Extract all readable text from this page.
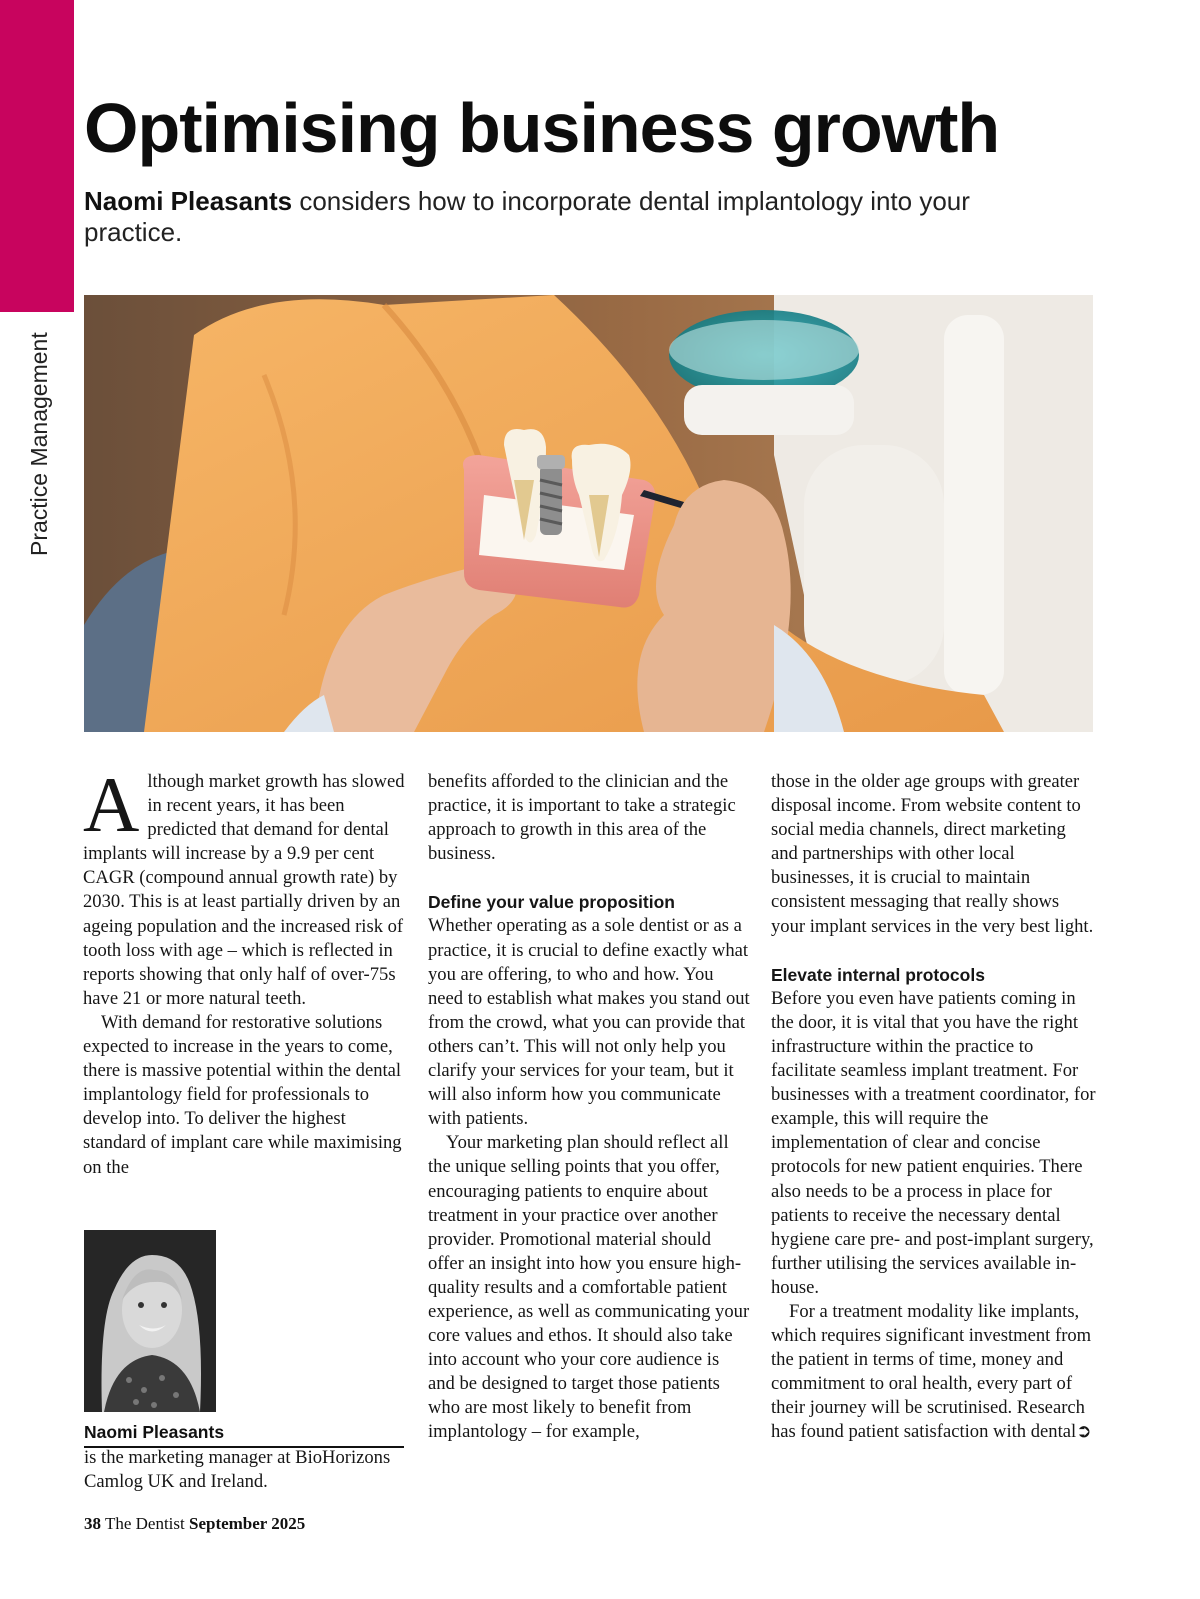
Practice Management
Optimising business growth

Naomi Pleasants considers how to incorporate dental implantology into your practice.

Although market growth has slowed in recent years, it has been predicted that demand for dental implants will increase by a 9.9 per cent CAGR (compound annual growth rate) by 2030. This is at least partially driven by an ageing population and the increased risk of tooth loss with age – which is reflected in reports showing that only half of over-75s have 21 or more natural teeth.

With demand for restorative solutions expected to increase in the years to come, there is massive potential within the dental implantology field for professionals to develop into. To deliver the highest standard of implant care while maximising on the

benefits afforded to the clinician and the practice, it is important to take a strategic approach to growth in this area of the business.

Define your value proposition

Whether operating as a sole dentist or as a practice, it is crucial to define exactly what you are offering, to who and how. You need to establish what makes you stand out from the crowd, what you can provide that others can’t. This will not only help you clarify your services for your team, but it will also inform how you communicate with patients.

Your marketing plan should reflect all the unique selling points that you offer, encouraging patients to enquire about treatment in your practice over another provider. Promotional material should offer an insight into how you ensure high-quality results and a comfortable patient experience, as well as communicating your core values and ethos. It should also take into account who your core audience is and be designed to target those patients who are most likely to benefit from implantology – for example,

those in the older age groups with greater disposal income. From website content to social media channels, direct marketing and partnerships with other local businesses, it is crucial to maintain consistent messaging that really shows your implant services in the very best light.

Elevate internal protocols

Before you even have patients coming in the door, it is vital that you have the right infrastructure within the practice to facilitate seamless implant treatment. For businesses with a treatment coordinator, for example, this will require the implementation of clear and concise protocols for new patient enquiries. There also needs to be a process in place for patients to receive the necessary dental hygiene care pre- and post-implant surgery, further utilising the services available in-house.

For a treatment modality like implants, which requires significant investment from the patient in terms of time, money and commitment to oral health, every part of their journey will be scrutinised. Research has found patient satisfaction with dental➲

Naomi Pleasants
is the marketing manager at BioHorizons Camlog UK and Ireland.
38 The Dentist September 2025
